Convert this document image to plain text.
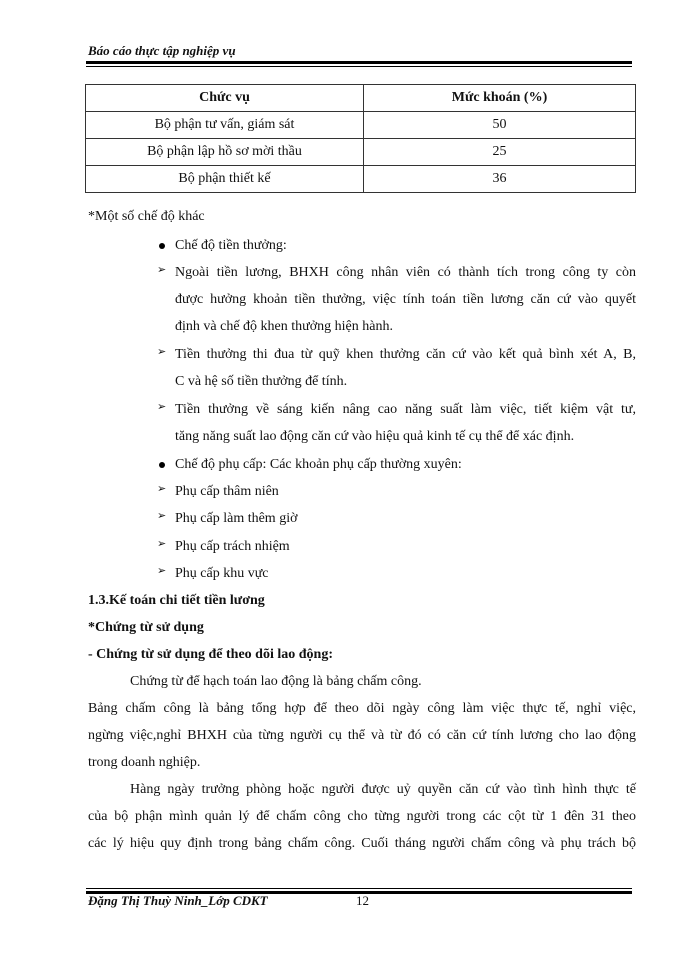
Báo cáo thực tập nghiệp vụ
Chức vụ	Mức khoán (%)
Bộ phận tư vấn, giám sát	50
Bộ phận lập hồ sơ mời thầu	25
Bộ phận thiết kế	36
*Một số chế độ khác
Chế độ tiền thưởng:
➢ Ngoài tiền lương, BHXH công nhân viên có thành tích trong công ty còn
được hưởng khoản tiền thưởng, việc tính toán tiền lương căn cứ vào quyết
định và chế độ khen thưởng hiện hành.
➢ Tiền thưởng thi đua từ quỹ khen thưởng căn cứ vào kết quả bình xét A, B,
C và hệ số tiền thưởng để tính.
➢ Tiền thưởng về sáng kiến nâng cao năng suất làm việc, tiết kiệm vật tư,
tăng năng suất lao động căn cứ vào hiệu quả kinh tế cụ thể để xác định.
Chế độ phụ cấp: Các khoản phụ cấp thường xuyên:
➢ Phụ cấp thâm niên
➢ Phụ cấp làm thêm giờ
➢ Phụ cấp trách nhiệm
➢ Phụ cấp khu vực
1.3.Kế toán chi tiết tiền lương
*Chứng từ sử dụng
- Chứng từ sử dụng để theo dõi lao động:
Chứng từ để hạch toán lao động là bảng chấm công.
Bảng chấm công là bảng tổng hợp để theo dõi ngày công làm việc thực tế, nghỉ việc,
ngừng việc,nghỉ BHXH của từng người cụ thể và từ đó có căn cứ tính lương cho lao động
trong doanh nghiệp.
Hàng ngày trưởng phòng hoặc người được uỷ quyền căn cứ vào tình hình thực tế
của bộ phận mình quản lý để chấm công cho từng người trong các cột từ 1 đên 31 theo
các lý hiệu quy định trong bảng chấm công. Cuối tháng người chấm công và phụ trách bộ
Đặng Thị Thuỳ Ninh_Lớp CDKT	12
